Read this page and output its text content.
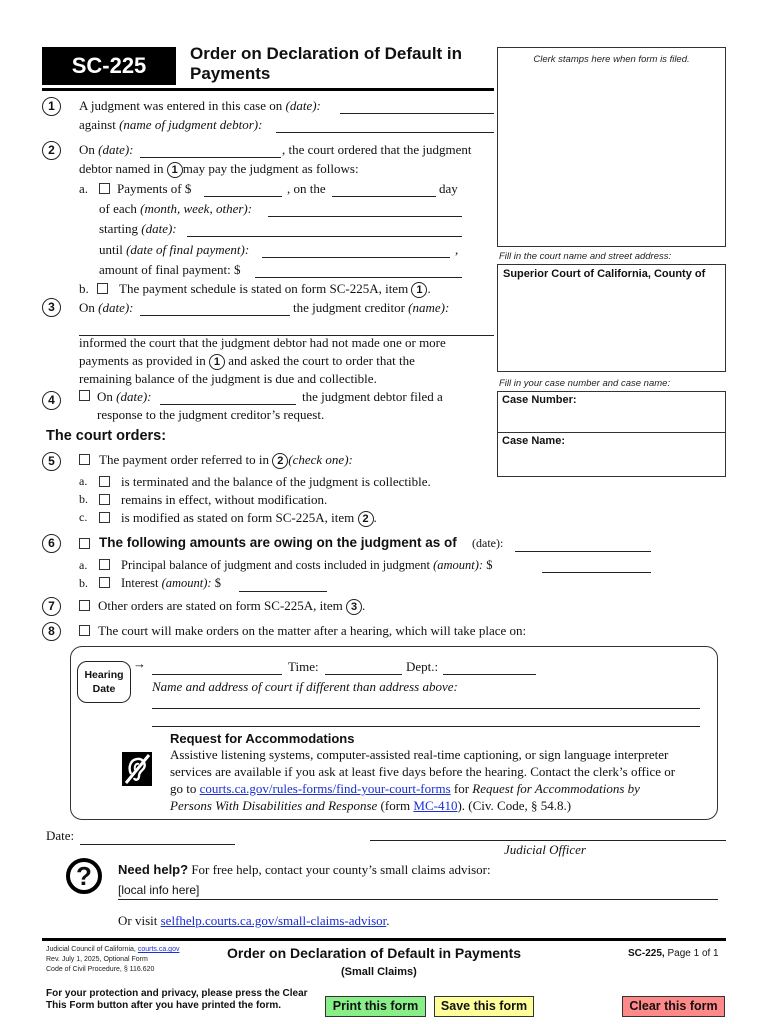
SC-225	Order on Declaration of Default in
Payments
Clerk stamps here when form is filed.
Fill in the court name and street address:
Superior Court of California, County of
Fill in your case number and case name:
Case Number:
Case Name:
1	A judgment was entered in this case on (date):
against (name of judgment debtor):
2	On (date):	, the court ordered that the judgment
debtor named in 1 may pay the judgment as follows:
a. Payments of $	, on the	day
of each (month, week, other):
starting (date):
until (date of final payment):	,
amount of final payment: $
b. The payment schedule is stated on form SC-225A, item 1 .
3	On (date):	the judgment creditor (name):
informed the court that the judgment debtor had not made one or more
payments as provided in 1 and asked the court to order that the
remaining balance of the judgment is due and collectible.
4	On (date):	the judgment debtor filed a
response to the judgment creditor’s request.
The court orders:
5	The payment order referred to in 2 (check one):
a.	is terminated and the balance of the judgment is collectible.
b.	remains in effect, without modification.
c.	is modified as stated on form SC-225A, item 2 .
6	The following amounts are owing on the judgment as of (date):
a.	Principal balance of judgment and costs included in judgment (amount): $
b.	Interest (amount): $
7	Other orders are stated on form SC-225A, item 3 .
8	The court will make orders on the matter after a hearing, which will take place on:
Hearing
Date
→	Time:	Dept.:
Name and address of court if different than address above:
Request for Accommodations
Assistive listening systems, computer-assisted real-time captioning, or sign language interpreter
services are available if you ask at least five days before the hearing. Contact the clerk’s office or
go to courts.ca.gov/rules-forms/find-your-court-forms for Request for Accommodations by
Persons With Disabilities and Response (form MC-410). (Civ. Code, § 54.8.)
Date:
Judicial Officer
?	Need help? For free help, contact your county’s small claims advisor:
[local info here]
Or visit selfhelp.courts.ca.gov/small-claims-advisor.
Judicial Council of California, courts.ca.gov
Rev. July 1, 2025, Optional Form
Code of Civil Procedure, § 116.620
Order on Declaration of Default in Payments
(Small Claims)
SC-225, Page 1 of 1
For your protection and privacy, please press the Clear
This Form button after you have printed the form.	Print this form	Save this form	Clear this form
